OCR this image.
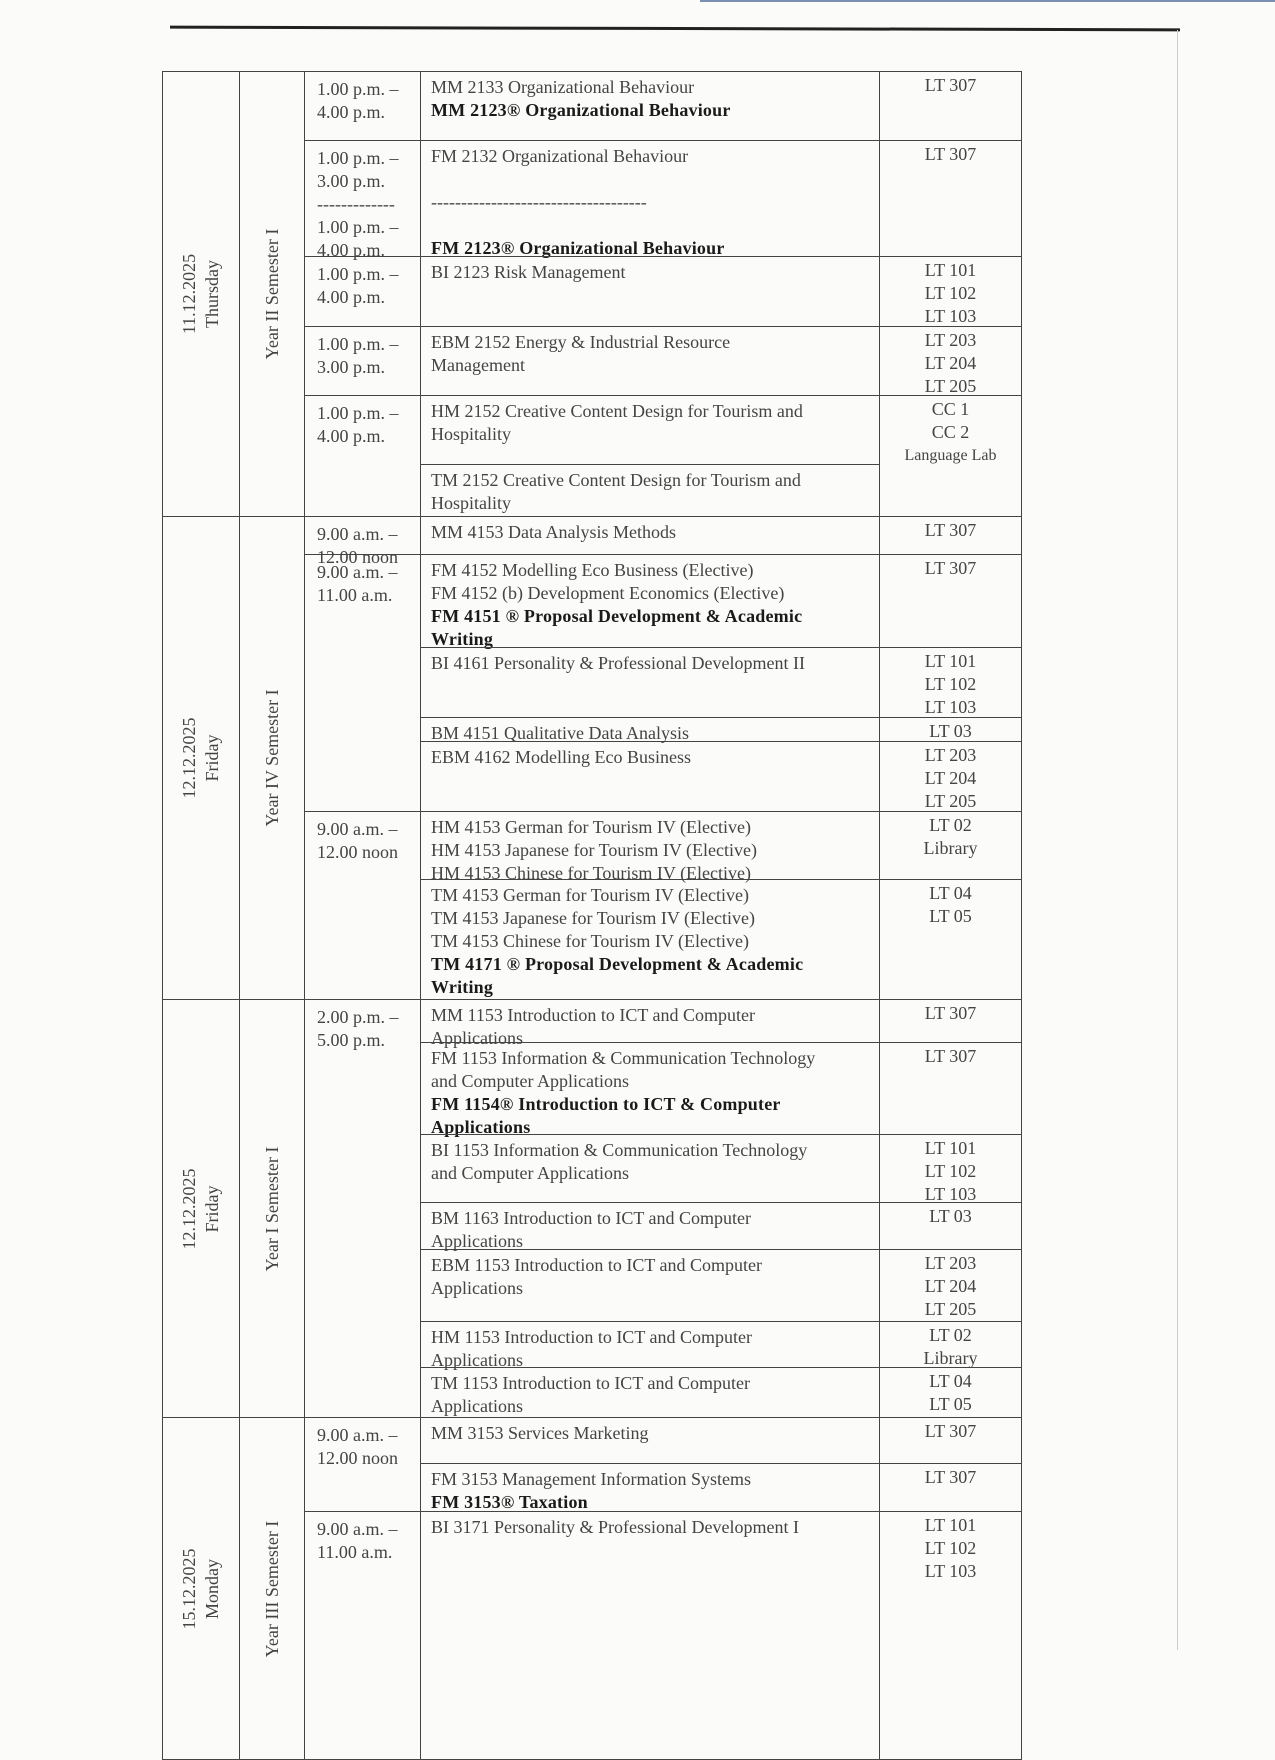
11.12.2025 Thursday Year II Semester I
1.00 p.m. –
4.00 p.m.
1.00 p.m. –
3.00 p.m.
-------------
1.00 p.m. –
4.00 p.m.
1.00 p.m. –
4.00 p.m.
1.00 p.m. –
3.00 p.m.
1.00 p.m. –
4.00 p.m.
MM 2133 Organizational Behaviour
MM 2123® Organizational Behaviour
FM 2132 Organizational Behaviour
------------------------------------
FM 2123® Organizational Behaviour
BI 2123 Risk Management
EBM 2152 Energy & Industrial Resource
Management
HM 2152 Creative Content Design for Tourism and
Hospitality
TM 2152 Creative Content Design for Tourism and
Hospitality
LT 307
LT 307
LT 101
LT 102
LT 103
LT 203
LT 204
LT 205
CC 1
CC 2
Language Lab
12.12.2025 Friday Year IV Semester I
9.00 a.m. –
12.00 noon
9.00 a.m. –
11.00 a.m.
9.00 a.m. –
12.00 noon
MM 4153 Data Analysis Methods
FM 4152 Modelling Eco Business (Elective)
FM 4152 (b) Development Economics (Elective)
FM 4151 ® Proposal Development & Academic
Writing
BI 4161 Personality & Professional Development II
BM 4151 Qualitative Data Analysis
EBM 4162 Modelling Eco Business
HM 4153 German for Tourism IV (Elective)
HM 4153 Japanese for Tourism IV (Elective)
HM 4153 Chinese for Tourism IV (Elective)
TM 4153 German for Tourism IV (Elective)
TM 4153 Japanese for Tourism IV (Elective)
TM 4153 Chinese for Tourism IV (Elective)
TM 4171 ® Proposal Development & Academic
Writing
LT 307
LT 307
LT 101
LT 102
LT 103
LT 03
LT 203
LT 204
LT 205
LT 02
Library
LT 04
LT 05
12.12.2025 Friday Year I Semester I
2.00 p.m. –
5.00 p.m.
MM 1153 Introduction to ICT and Computer
Applications
FM 1153 Information & Communication Technology
and Computer Applications
FM 1154® Introduction to ICT & Computer
Applications
BI 1153 Information & Communication Technology
and Computer Applications
BM 1163 Introduction to ICT and Computer
Applications
EBM 1153 Introduction to ICT and Computer
Applications
HM 1153 Introduction to ICT and Computer
Applications
TM 1153 Introduction to ICT and Computer
Applications
LT 307
LT 307
LT 101
LT 102
LT 103
LT 03
LT 203
LT 204
LT 205
LT 02
Library
LT 04
LT 05
15.12.2025 Monday Year III Semester I
9.00 a.m. –
12.00 noon
9.00 a.m. –
11.00 a.m.
MM 3153 Services Marketing
FM 3153 Management Information Systems
FM 3153® Taxation
BI 3171 Personality & Professional Development I
LT 307
LT 307
LT 101
LT 102
LT 103
